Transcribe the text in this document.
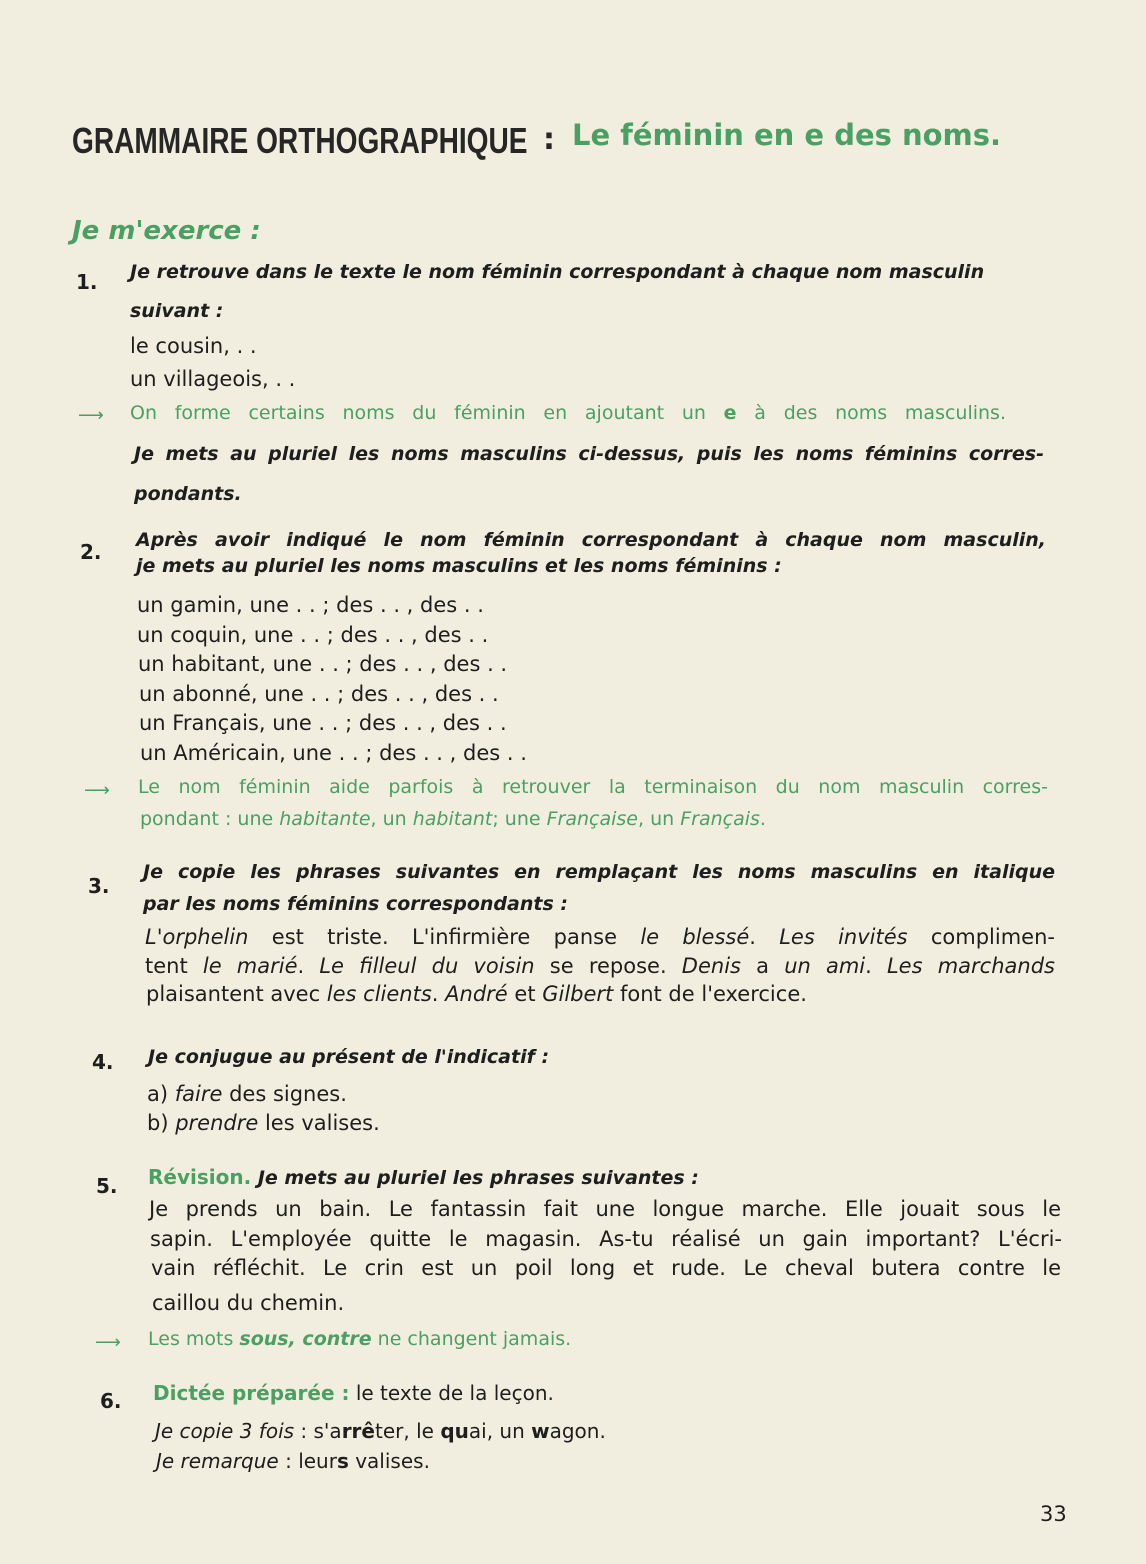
GRAMMAIRE ORTHOGRAPHIQUE : Le féminin en e des noms.
Je m'exerce :
Je retrouve dans le texte le nom féminin correspondant à chaque nom masculin
suivant :
le cousin, . .
un villageois, . .
On forme certains noms du féminin en ajoutant un e à des noms masculins.
Je mets au pluriel les noms masculins ci-dessus, puis les noms féminins corres-
pondants.
Après avoir indiqué le nom féminin correspondant à chaque nom masculin,
je mets au pluriel les noms masculins et les noms féminins :
un gamin, une . . ; des . . , des . .
un coquin, une . . ; des . . , des . .
un habitant, une . . ; des . . , des . .
un abonné, une . . ; des . . , des . .
un Français, une . . ; des . . , des . .
un Américain, une . . ; des . . , des . .
Le nom féminin aide parfois à retrouver la terminaison du nom masculin corres-
pondant : une habitante, un habitant; une Française, un Français.
Je copie les phrases suivantes en remplaçant les noms masculins en italique
par les noms féminins correspondants :
L'orphelin est triste. L'infirmière panse le blessé. Les invités complimen-
tent le marié. Le filleul du voisin se repose. Denis a un ami. Les marchands
plaisantent avec les clients. André et Gilbert font de l'exercice.
Je conjugue au présent de l'indicatif :
a) faire des signes.
b) prendre les valises.
Révision. Je mets au pluriel les phrases suivantes :
Je prends un bain. Le fantassin fait une longue marche. Elle jouait sous le
sapin. L'employée quitte le magasin. As-tu réalisé un gain important? L'écri-
vain réfléchit. Le crin est un poil long et rude. Le cheval butera contre le
caillou du chemin.
Les mots sous, contre ne changent jamais.
Dictée préparée : le texte de la leçon.
Je copie 3 fois : s'arrêter, le quai, un wagon.
Je remarque : leurs valises.
1.
2.
3.
4.
5.
6.
⟶
⟶
⟶
33
